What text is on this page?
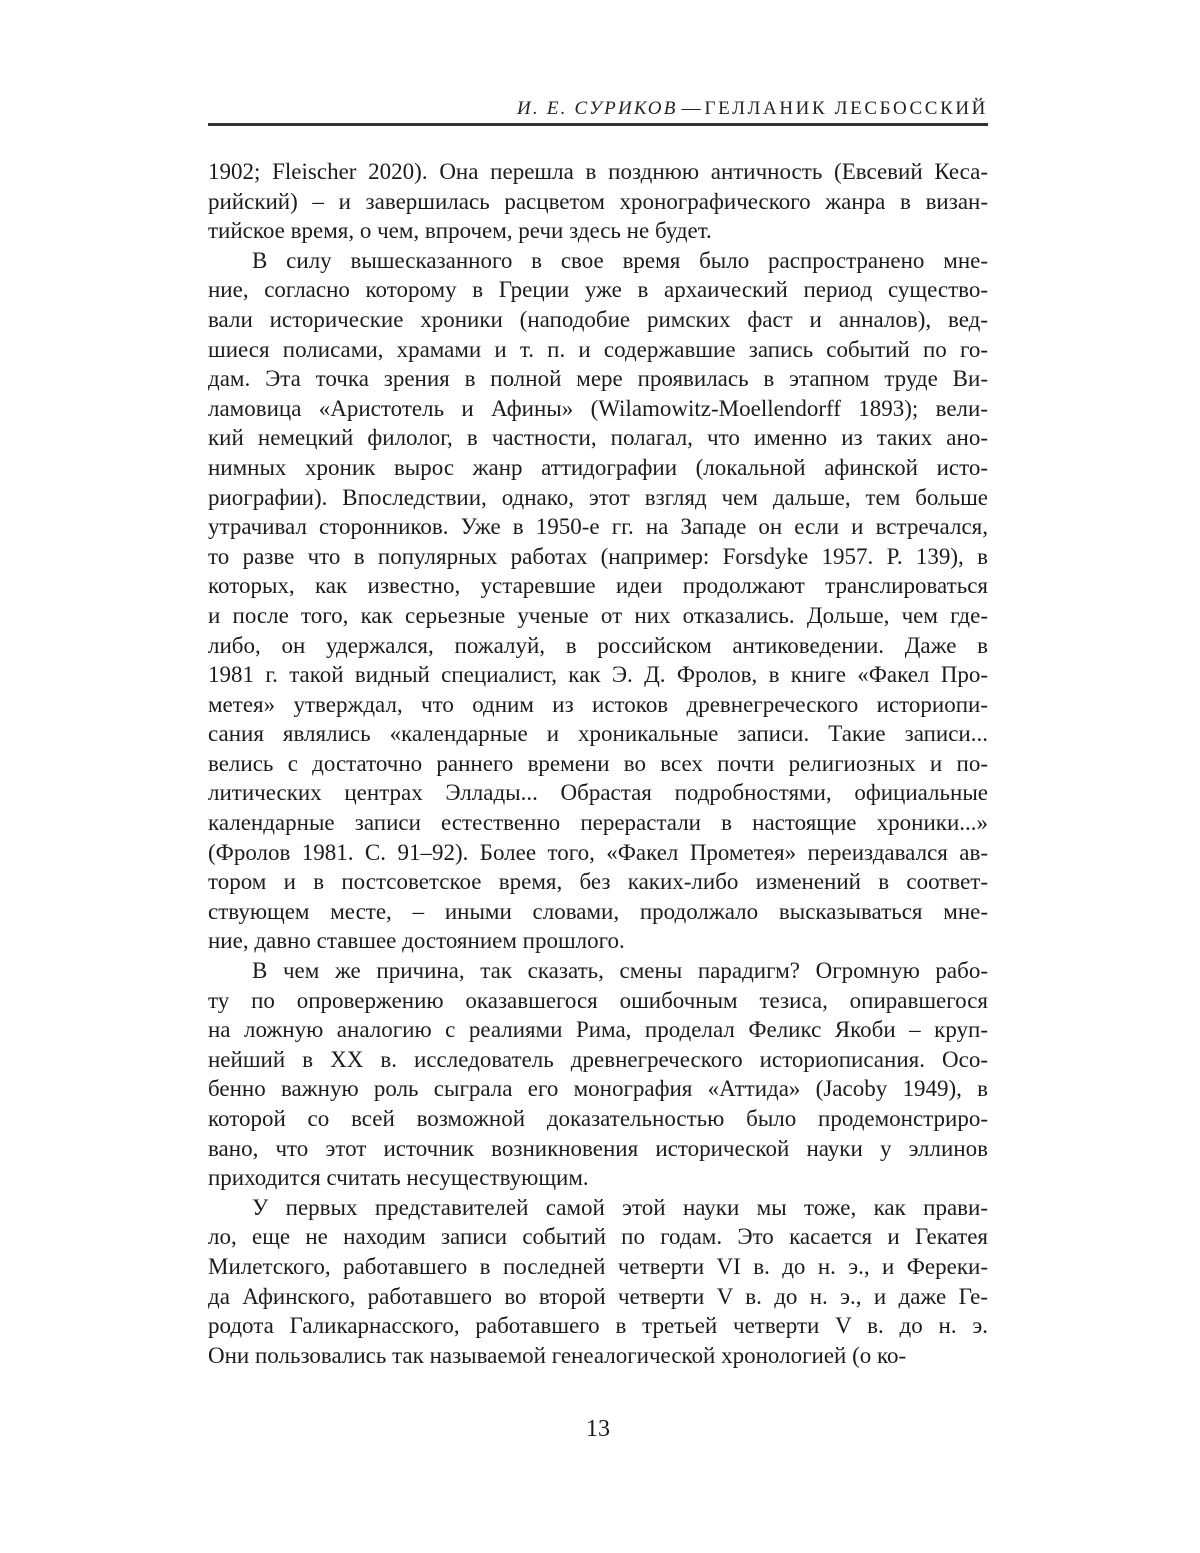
И. Е. СУРИКОВ — ГЕЛЛАНИК ЛЕСБОССКИЙ
1902; Fleischer 2020). Она перешла в позднюю античность (Евсевий Кеса-
рийский) – и завершилась расцветом хронографического жанра в визан-
тийское время, о чем, впрочем, речи здесь не будет.
В силу вышесказанного в свое время было распространено мне-
ние, согласно которому в Греции уже в архаический период существо-
вали исторические хроники (наподобие римских фаст и анналов), вед-
шиеся полисами, храмами и т. п. и содержавшие запись событий по го-
дам. Эта точка зрения в полной мере проявилась в этапном труде Ви-
ламовица «Аристотель и Афины» (Wilamowitz-Moellendorff 1893); вели-
кий немецкий филолог, в частности, полагал, что именно из таких ано-
нимных хроник вырос жанр аттидографии (локальной афинской исто-
риографии). Впоследствии, однако, этот взгляд чем дальше, тем больше
утрачивал сторонников. Уже в 1950-е гг. на Западе он если и встречался,
то разве что в популярных работах (например: Forsdyke 1957. P. 139), в
которых, как известно, устаревшие идеи продолжают транслироваться
и после того, как серьезные ученые от них отказались. Дольше, чем где-
либо, он удержался, пожалуй, в российском антиковедении. Даже в
1981 г. такой видный специалист, как Э. Д. Фролов, в книге «Факел Про-
метея» утверждал, что одним из истоков древнегреческого историопи-
сания являлись «календарные и хроникальные записи. Такие записи...
велись с достаточно раннего времени во всех почти религиозных и по-
литических центрах Эллады... Обрастая подробностями, официальные
календарные записи естественно перерастали в настоящие хроники...»
(Фролов 1981. С. 91–92). Более того, «Факел Прометея» переиздавался ав-
тором и в постсоветское время, без каких-либо изменений в соответ-
ствующем месте, – иными словами, продолжало высказываться мне-
ние, давно ставшее достоянием прошлого.
В чем же причина, так сказать, смены парадигм? Огромную рабо-
ту по опровержению оказавшегося ошибочным тезиса, опиравшегося
на ложную аналогию с реалиями Рима, проделал Феликс Якоби – круп-
нейший в XX в. исследователь древнегреческого историописания. Осо-
бенно важную роль сыграла его монография «Аттида» (Jacoby 1949), в
которой со всей возможной доказательностью было продемонстриро-
вано, что этот источник возникновения исторической науки у эллинов
приходится считать несуществующим.
У первых представителей самой этой науки мы тоже, как прави-
ло, еще не находим записи событий по годам. Это касается и Гекатея
Милетского, работавшего в последней четверти VI в. до н. э., и Фереки-
да Афинского, работавшего во второй четверти V в. до н. э., и даже Ге-
родота Галикарнасского, работавшего в третьей четверти V в. до н. э.
Они пользовались так называемой генеалогической хронологией (о ко-
13
